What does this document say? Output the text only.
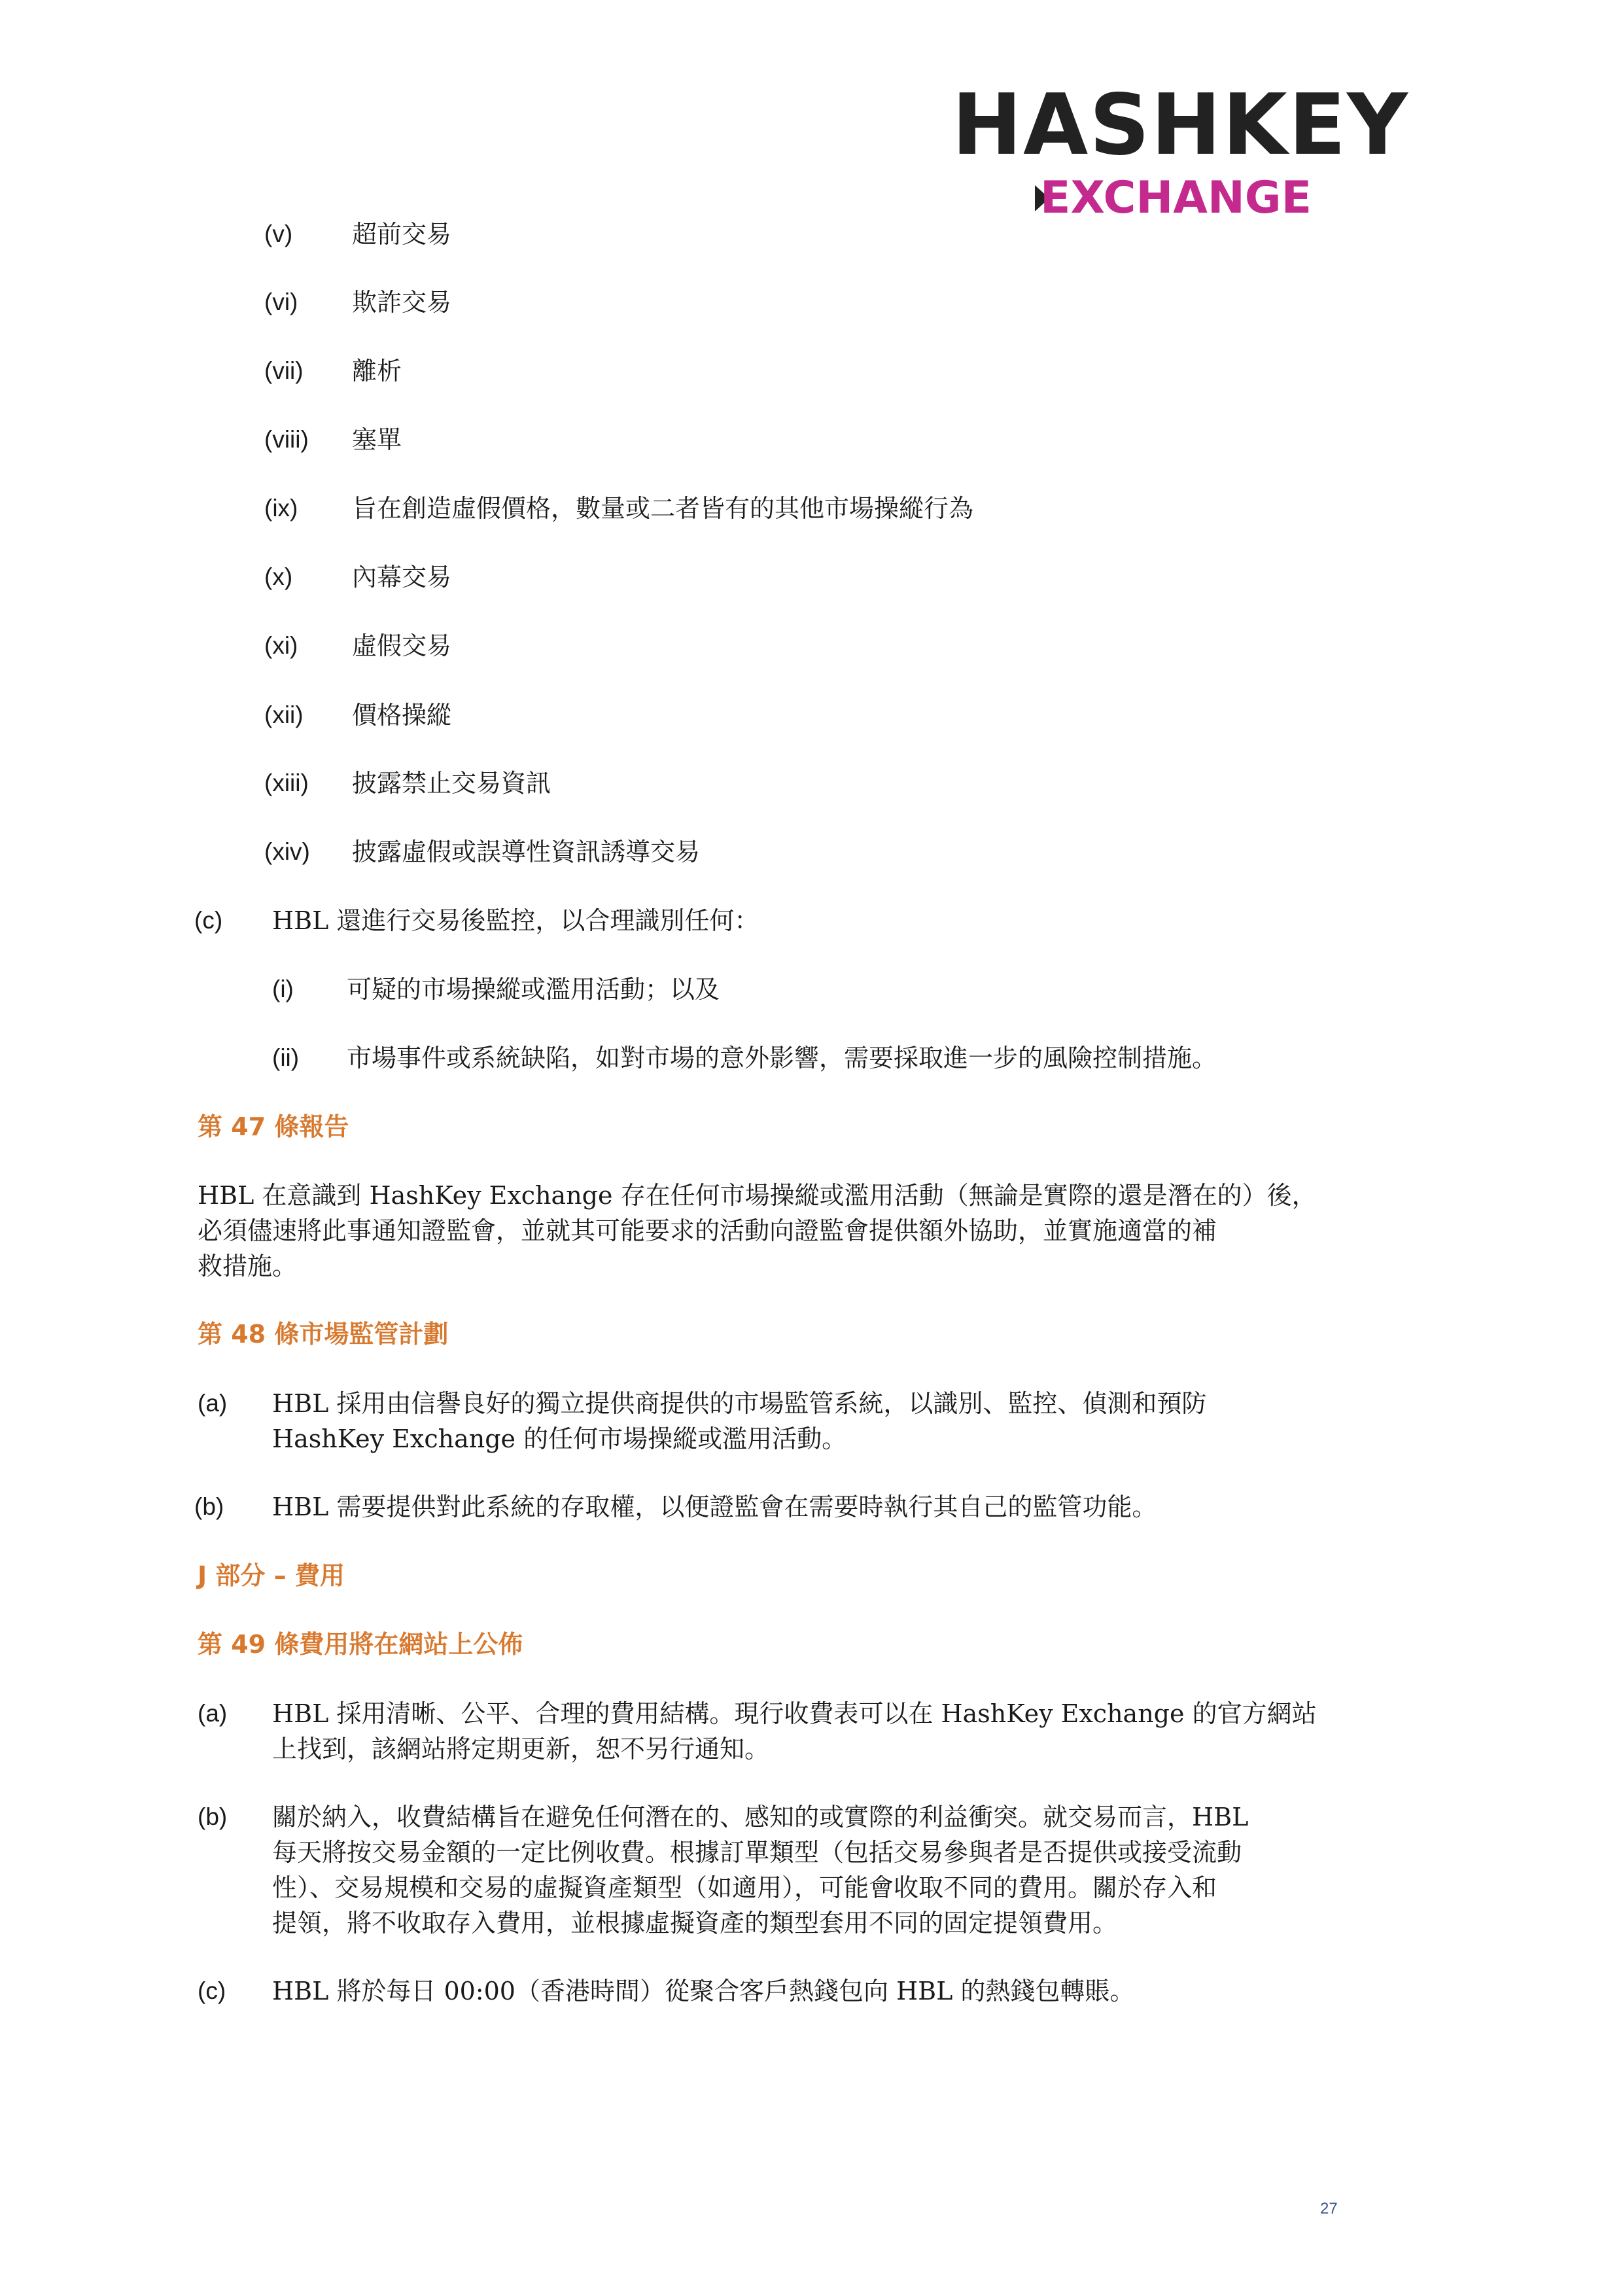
HASHKEY
EXCHANGE
(v) 超前交易
(vi) 欺詐交易
(vii) 離析
(viii) 塞單
(ix) 旨在創造虛假價格，數量或二者皆有的其他市場操縱行為
(x) 內幕交易
(xi) 虛假交易
(xii) 價格操縱
(xiii) 披露禁止交易資訊
(xiv) 披露虛假或誤導性資訊誘導交易
(c) HBL 還進行交易後監控，以合理識別任何：
(i) 可疑的市場操縱或濫用活動；以及
(ii) 市場事件或系統缺陷，如對市場的意外影響，需要採取進一步的風險控制措施。
第 47 條報告
HBL 在意識到 HashKey Exchange 存在任何市場操縱或濫用活動（無論是實際的還是潛在的）後，
必須儘速將此事通知證監會，並就其可能要求的活動向證監會提供額外協助，並實施適當的補
救措施。
第 48 條市場監管計劃
(a) HBL 採用由信譽良好的獨立提供商提供的市場監管系統，以識別、監控、偵測和預防
HashKey Exchange 的任何市場操縱或濫用活動。
(b) HBL 需要提供對此系統的存取權，以便證監會在需要時執行其自己的監管功能。
J 部分 – 費用
第 49 條費用將在網站上公佈
(a) HBL 採用清晰、公平、合理的費用結構。現行收費表可以在 HashKey Exchange 的官方網站
上找到，該網站將定期更新，恕不另行通知。
(b) 關於納入，收費結構旨在避免任何潛在的、感知的或實際的利益衝突。就交易而言，HBL
每天將按交易金額的一定比例收費。根據訂單類型（包括交易參與者是否提供或接受流動
性）、交易規模和交易的虛擬資產類型（如適用），可能會收取不同的費用。關於存入和
提領，將不收取存入費用，並根據虛擬資產的類型套用不同的固定提領費用。
(c) HBL 將於每日 00:00（香港時間）從聚合客戶熱錢包向 HBL 的熱錢包轉賬。
27
